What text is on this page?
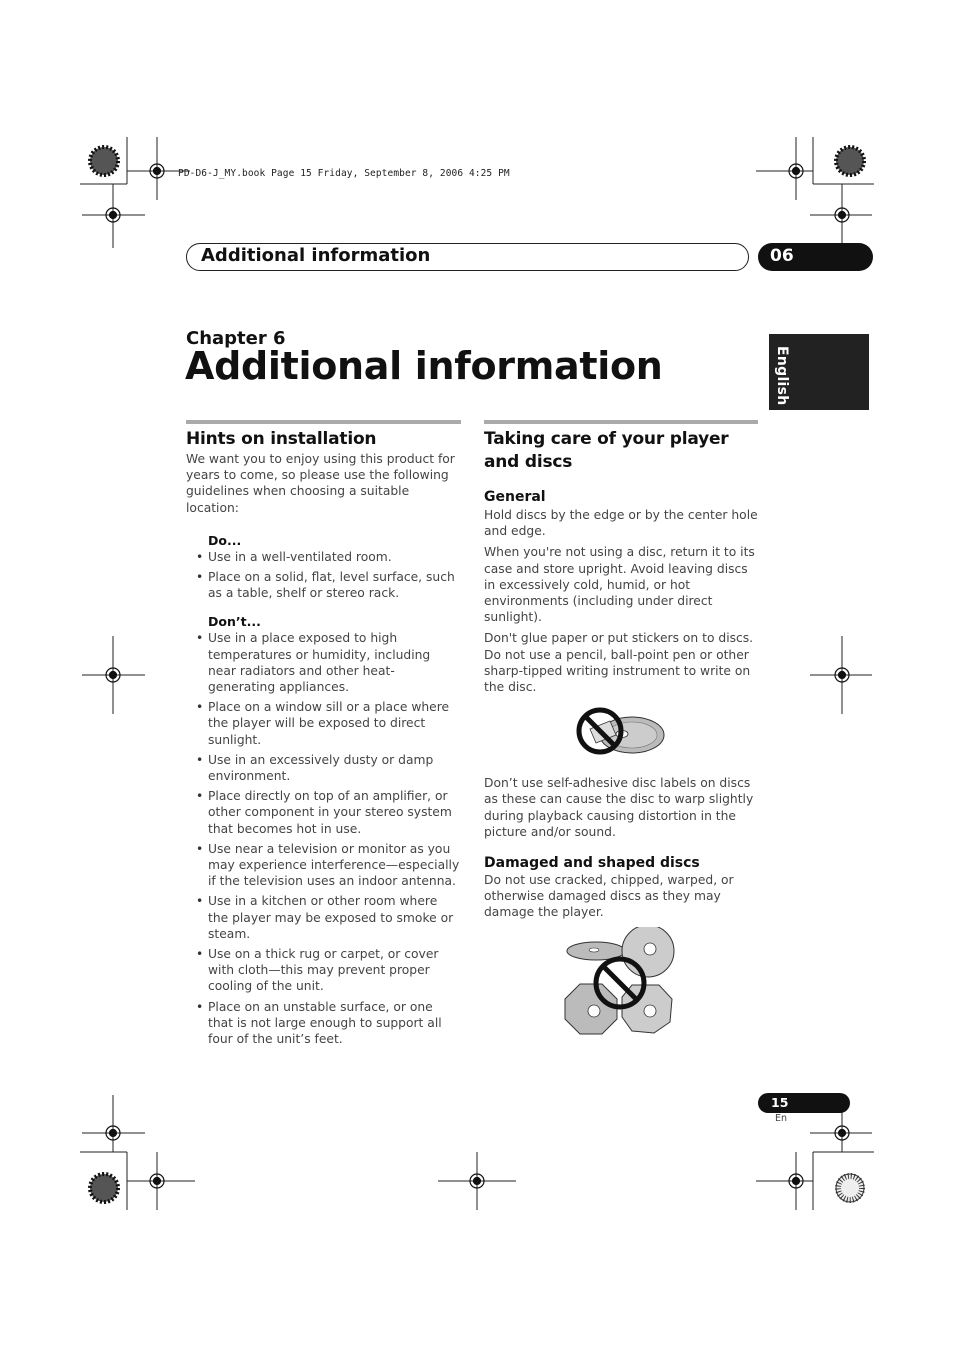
PD-D6-J_MY.book Page 15 Friday, September 8, 2006 4:25 PM
Additional information	06
English
Chapter 6
Additional information
Hints on installation

We want you to enjoy using this product for years to come, so please use the following guidelines when choosing a suitable location:

Do...
• Use in a well-ventilated room.
• Place on a solid, flat, level surface, such as a table, shelf or stereo rack.
Don’t...
• Use in a place exposed to high temperatures or humidity, including near radiators and other heat-generating appliances.
• Place on a window sill or a place where the player will be exposed to direct sunlight.
• Use in an excessively dusty or damp environment.
• Place directly on top of an amplifier, or other component in your stereo system that becomes hot in use.
• Use near a television or monitor as you may experience interference—especially if the television uses an indoor antenna.
• Use in a kitchen or other room where the player may be exposed to smoke or steam.
• Use on a thick rug or carpet, or cover with cloth—this may prevent proper cooling of the unit.
• Place on an unstable surface, or one that is not large enough to support all four of the unit’s feet.
Taking care of your player and discs
General

Hold discs by the edge or by the center hole and edge.

When you're not using a disc, return it to its case and store upright. Avoid leaving discs in excessively cold, humid, or hot environments (including under direct sunlight).

Don't glue paper or put stickers on to discs. Do not use a pencil, ball-point pen or other sharp-tipped writing instrument to write on the disc.

Don’t use self-adhesive disc labels on discs as these can cause the disc to warp slightly during playback causing distortion in the picture and/or sound.

Damaged and shaped discs

Do not use cracked, chipped, warped, or otherwise damaged discs as they may damage the player.

15
En
